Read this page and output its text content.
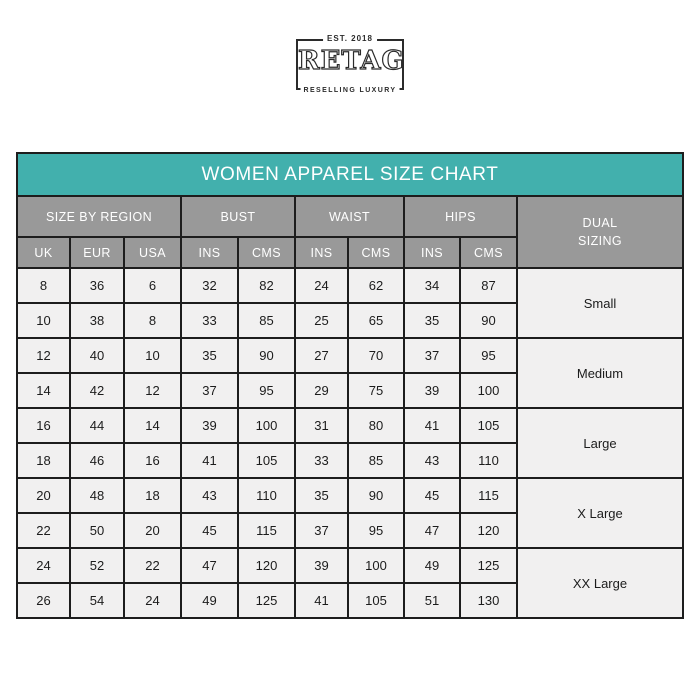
EST. 2018
RETAG
RESELLING LUXURY
WOMEN APPAREL SIZE CHART									
SIZE BY REGION			BUST		WAIST		HIPS		DUAL SIZING
UK	EUR	USA	INS	CMS	INS	CMS	INS	CMS	
8	36	6	32	82	24	62	34	87	Small
10	38	8	33	85	25	65	35	90	
12	40	10	35	90	27	70	37	95	Medium
14	42	12	37	95	29	75	39	100	
16	44	14	39	100	31	80	41	105	Large
18	46	16	41	105	33	85	43	110	
20	48	18	43	110	35	90	45	115	X Large
22	50	20	45	115	37	95	47	120	
24	52	22	47	120	39	100	49	125	XX Large
26	54	24	49	125	41	105	51	130	
